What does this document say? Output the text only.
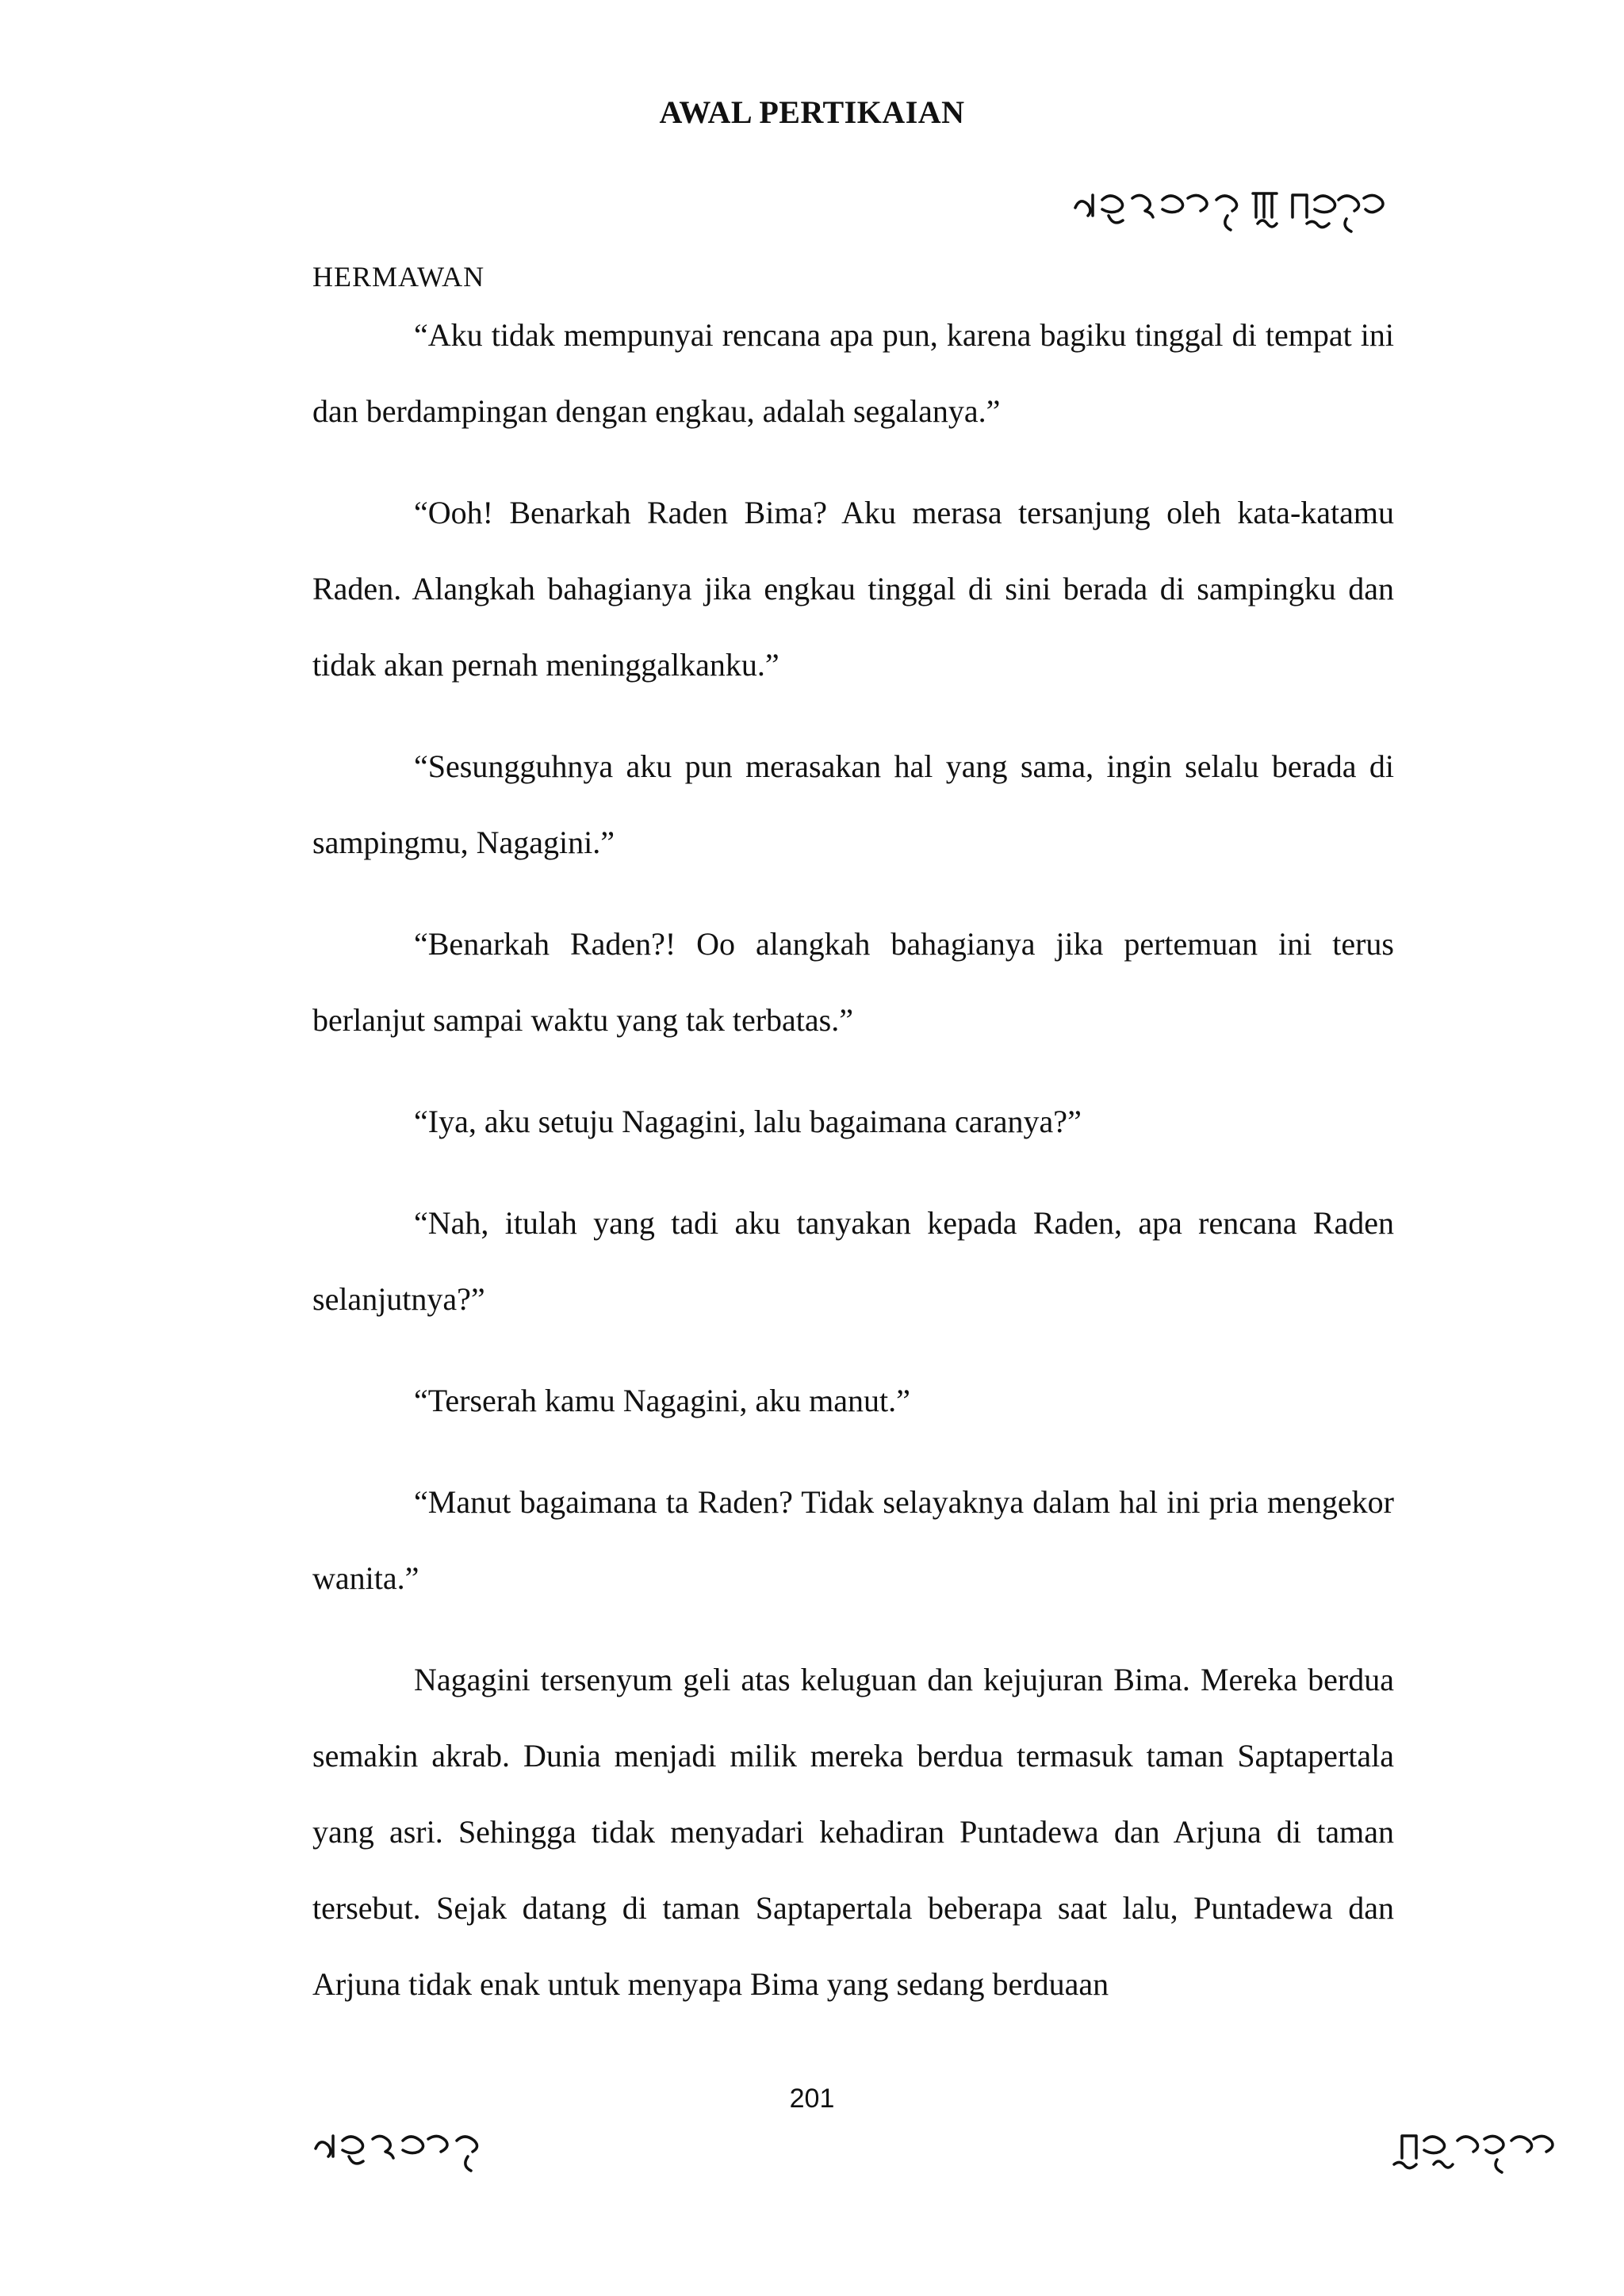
AWAL PERTIKAIAN
HERMAWAN

“Aku tidak mempunyai rencana apa pun, karena bagiku tinggal di tempat ini dan berdampingan dengan engkau, adalah segalanya.”

“Ooh! Benarkah Raden Bima? Aku merasa tersanjung oleh kata-katamu Raden. Alangkah bahagianya jika engkau tinggal di sini berada di sampingku dan tidak akan pernah meninggalkanku.”

“Sesungguhnya aku pun merasakan hal yang sama, ingin selalu berada di sampingmu, Nagagini.”

“Benarkah Raden?! Oo alangkah bahagianya jika pertemuan ini terus berlanjut sampai waktu yang tak terbatas.”

“Iya, aku setuju Nagagini, lalu bagaimana caranya?”

“Nah, itulah yang tadi aku tanyakan kepada Raden, apa rencana Raden selanjutnya?”

“Terserah kamu Nagagini, aku manut.”

“Manut bagaimana ta Raden? Tidak selayaknya dalam hal ini pria mengekor wanita.”

Nagagini tersenyum geli atas keluguan dan kejujuran Bima. Mereka berdua semakin akrab. Dunia menjadi milik mereka berdua termasuk taman Saptapertala yang asri. Sehingga tidak menyadari kehadiran Puntadewa dan Arjuna di taman tersebut. Sejak datang di taman Saptapertala beberapa saat lalu, Puntadewa dan Arjuna tidak enak untuk menyapa Bima yang sedang berduaan

201
